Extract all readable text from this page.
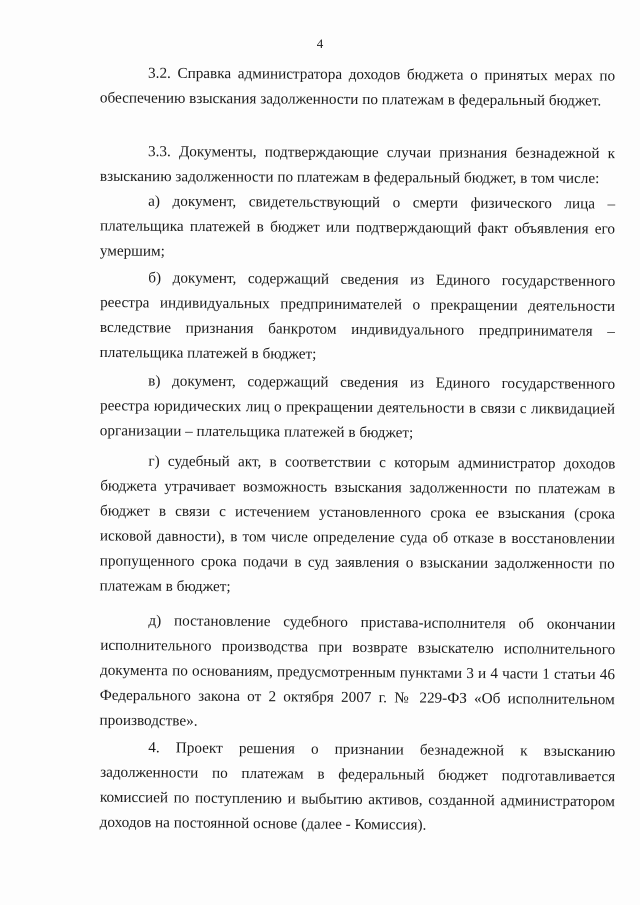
4

3.2. Справка администратора доходов бюджета о принятых мерах по обеспечению взыскания задолженности по платежам в федеральный бюджет.

3.3. Документы, подтверждающие случаи признания безнадежной к взысканию задолженности по платежам в федеральный бюджет, в том числе:

а) документ, свидетельствующий о смерти физического лица – плательщика платежей в бюджет или подтверждающий факт объявления его умершим;

б) документ, содержащий сведения из Единого государственного реестра индивидуальных предпринимателей о прекращении деятельности вследствие признания банкротом индивидуального предпринимателя – плательщика платежей в бюджет;

в) документ, содержащий сведения из Единого государственного реестра юридических лиц о прекращении деятельности в связи с ликвидацией организации – плательщика платежей в бюджет;

г) судебный акт, в соответствии с которым администратор доходов бюджета утрачивает возможность взыскания задолженности по платежам в бюджет в связи с истечением установленного срока ее взыскания (срока исковой давности), в том числе определение суда об отказе в восстановлении пропущенного срока подачи в суд заявления о взыскании задолженности по платежам в бюджет;

д) постановление судебного пристава-исполнителя об окончании исполнительного производства при возврате взыскателю исполнительного документа по основаниям, предусмотренным пунктами 3 и 4 части 1 статьи 46 Федерального закона от 2 октября 2007 г. № 229-ФЗ «Об исполнительном производстве».

4. Проект решения о признании безнадежной к взысканию задолженности по платежам в федеральный бюджет подготавливается комиссией по поступлению и выбытию активов, созданной администратором доходов на постоянной основе (далее - Комиссия).
